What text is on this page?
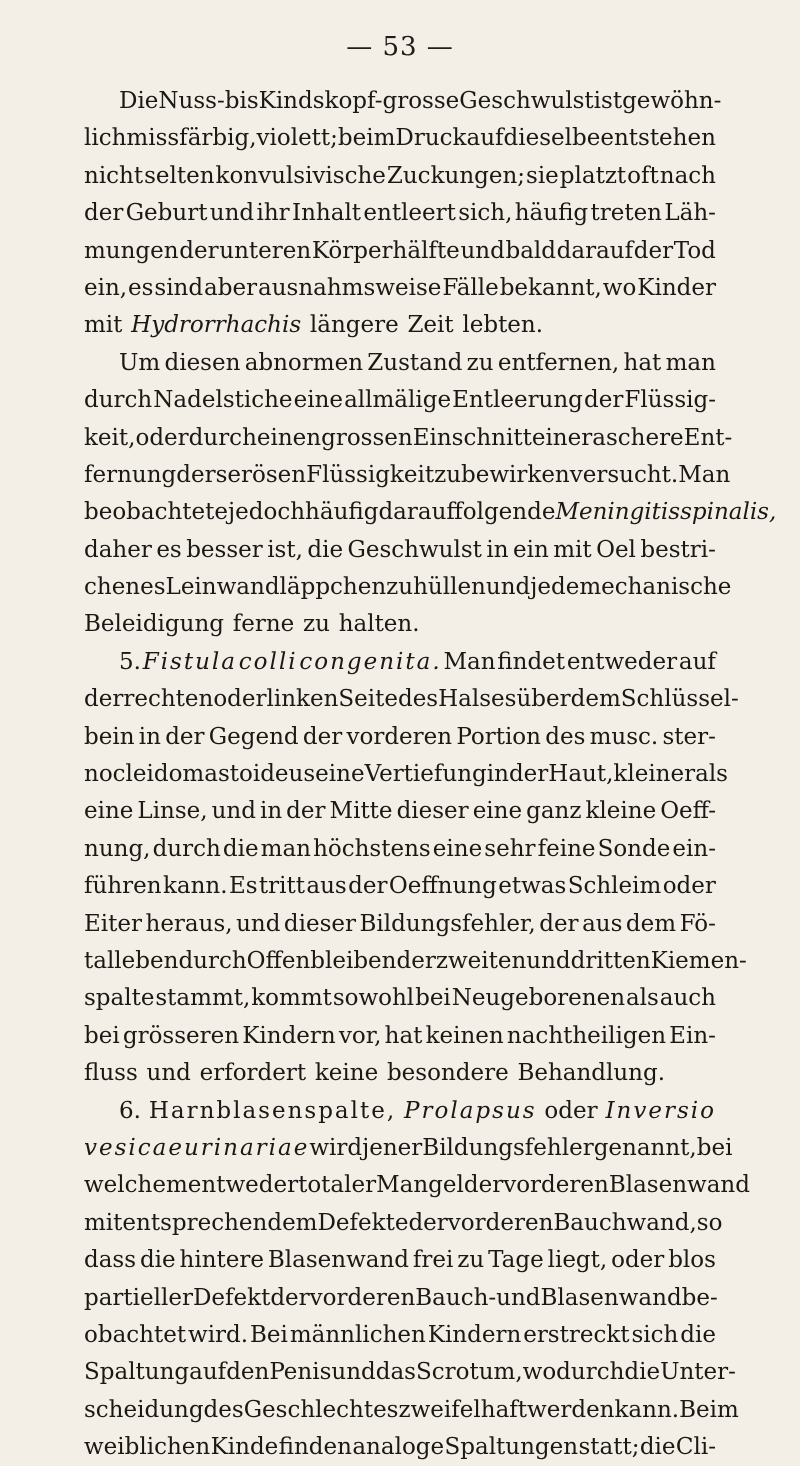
— 53 —
Die Nuss- bis Kindskopf-grosse Geschwulst ist gewöhn-
lich missfärbig, violett; beim Druck auf dieselbe entstehen
nicht selten konvulsivische Zuckungen; sie platzt oft nach
der Geburt und ihr Inhalt entleert sich, häufig treten Läh-
mungen der unteren Körperhälfte und bald darauf der Tod
ein, es sind aber ausnahmsweise Fälle bekannt, wo Kinder
mit Hydrorrhachis längere Zeit lebten.
Um diesen abnormen Zustand zu entfernen, hat man
durch Nadelstiche eine allmälige Entleerung der Flüssig-
keit, oder durch einen grossen Einschnitt eine raschere Ent-
fernung der serösen Flüssigkeit zu bewirken versucht. Man
beobachtete jedoch häufig darauffolgende Meningitis spinalis,
daher es besser ist, die Geschwulst in ein mit Oel bestri-
chenes Leinwandläppchen zu hüllen und jede mechanische
Beleidigung ferne zu halten.
5. Fistula colli congenita. Man findet entweder auf
der rechten oder linken Seite des Halses über dem Schlüssel-
bein in der Gegend der vorderen Portion des musc. ster-
nocleidomastoideus eine Vertiefung in der Haut, kleiner als
eine Linse, und in der Mitte dieser eine ganz kleine Oeff-
nung, durch die man höchstens eine sehr feine Sonde ein-
führen kann. Es tritt aus der Oeffnung etwas Schleim oder
Eiter heraus, und dieser Bildungsfehler, der aus dem Fö-
talleben durch Offenbleiben der zweiten und dritten Kiemen-
spalte stammt, kommt sowohl bei Neugeborenen als auch
bei grösseren Kindern vor, hat keinen nachtheiligen Ein-
fluss und erfordert keine besondere Behandlung.
6. Harnblasenspalte, Prolapsus oder Inversio
vesicae urinariae wird jener Bildungsfehler genannt, bei
welchem entweder totaler Mangel der vorderen Blasenwand
mit entsprechendem Defekte der vorderen Bauchwand, so
dass die hintere Blasenwand frei zu Tage liegt, oder blos
partieller Defekt der vorderen Bauch- und Blasenwand be-
obachtet wird. Bei männlichen Kindern erstreckt sich die
Spaltung auf den Penis und das Scrotum, wodurch die Unter-
scheidung des Geschlechtes zweifelhaft werden kann. Beim
weiblichen Kinde finden analoge Spaltungen statt; die Cli-
